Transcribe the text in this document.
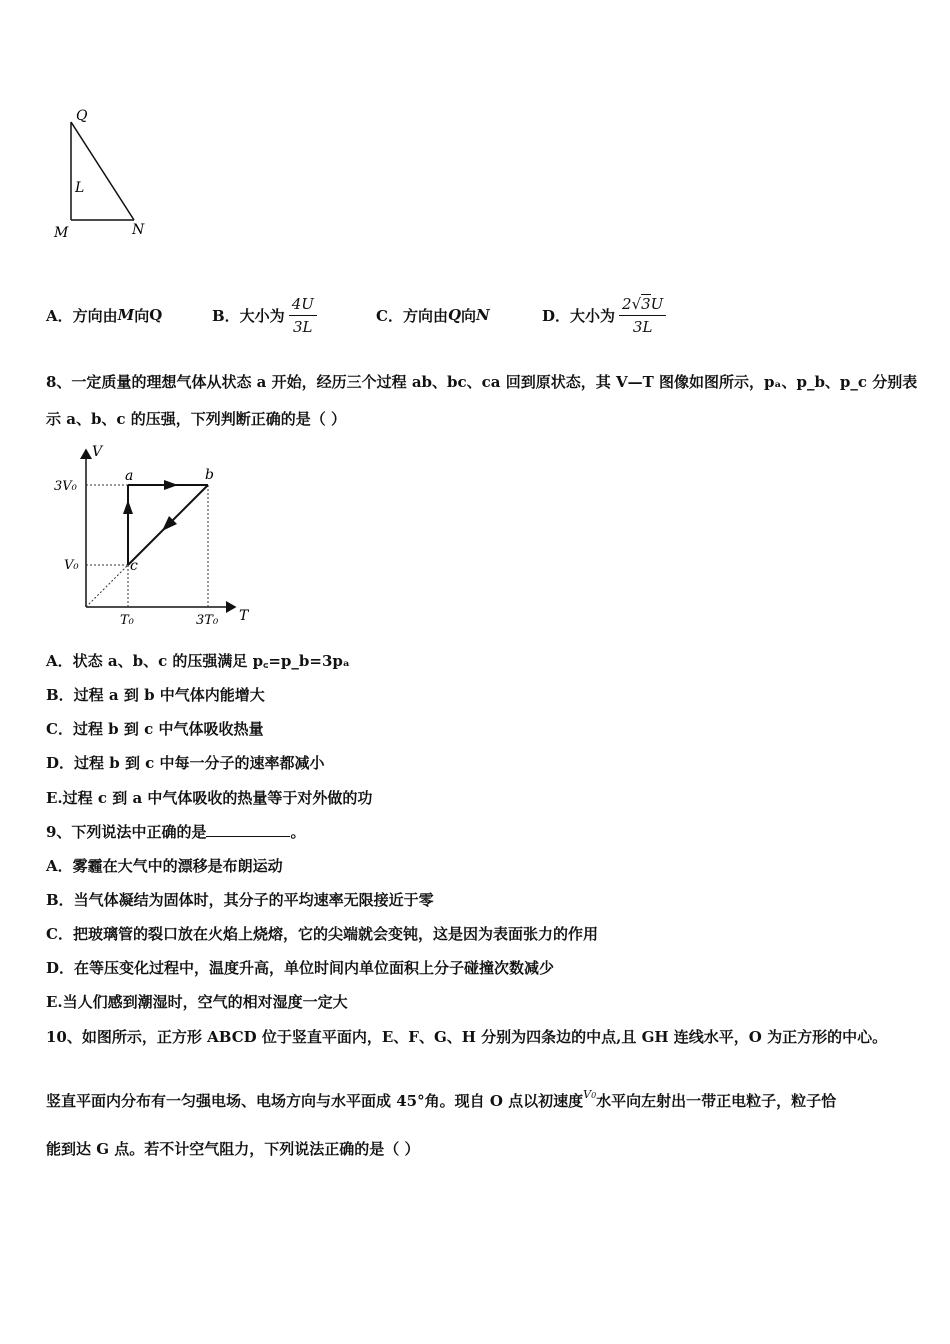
Q
L
M	N
A．方向由 M 向 Q	B．大小为 $\frac{4U}{3L}$	C．方向由 Q 向 N	D．大小为 $\frac{2√3U}{3L}$
8、一定质量的理想气体从状态 a 开始，经历三个过程 ab、bc、ca 回到原状态，其 V—T 图像如图所示，pₐ、p_b、p_c 分别表
示 a、b、c 的压强，下列判断正确的是（ ）
V
T
3V₀
V₀
T₀	3T₀
a	b
c
A．状态 a、b、c 的压强满足 p꜀=p_b=3pₐ
B．过程 a 到 b 中气体内能增大
C．过程 b 到 c 中气体吸收热量
D．过程 b 到 c 中每一分子的速率都减小
E.过程 c 到 a 中气体吸收的热量等于对外做的功
9、下列说法中正确的是	。
A．雾霾在大气中的漂移是布朗运动
B．当气体凝结为固体时，其分子的平均速率无限接近于零
C．把玻璃管的裂口放在火焰上烧熔，它的尖端就会变钝，这是因为表面张力的作用
D．在等压变化过程中，温度升高，单位时间内单位面积上分子碰撞次数减少
E.当人们感到潮湿时，空气的相对湿度一定大
10、如图所示，正方形 ABCD 位于竖直平面内，E、F、G、H 分别为四条边的中点,且 GH 连线水平，O 为正方形的中心。
竖直平面内分布有一匀强电场、电场方向与水平面成 45°角。现自 O 点以初速度$^{V0}$水平向左射出一带正电粒子，粒子恰
能到达 G 点。若不计空气阻力，下列说法正确的是（ ）
